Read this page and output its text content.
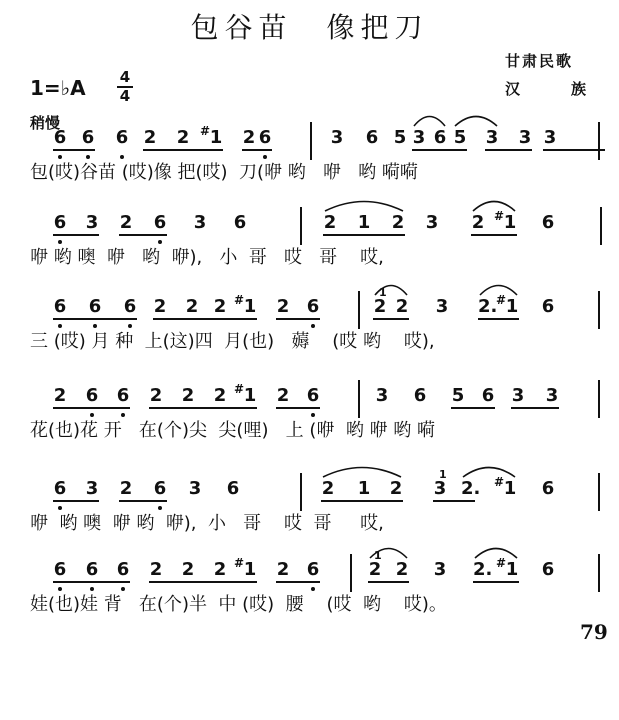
包谷苗　像把刀
甘肃民歌
汉　族
1=♭A 4
4
稍慢
6 6 6 2 2 1
# 2 6	3 6 5 3 6 5 3 3 3
包(哎)谷苗 (哎)像 把(哎)  刀(咿 哟   咿   哟 嗬嗬
6 3 2 6 3 6	2 1 2 3 2 1
# 6
咿 哟 噢  咿   哟  咿),   小  哥   哎   哥    哎,
6 6 6 2 2 2 1
# 2 6	2
1
2 3 2. 1
# 6
三 (哎) 月 种  上(这)四  月(也)   薅    (哎 哟    哎),
2 6 6 2 2 2 1
# 2 6	3 6 5 6 3 3
花(也)花 开   在(个)尖  尖(哩)   上 (咿  哟 咿 哟 嗬
6 3 2 6 3 6	2 1 2 3
1
2. 1
# 6
咿  哟 噢  咿 哟  咿),  小   哥    哎  哥     哎,
6 6 6 2 2 2 1
# 2 6	2
1
2 3 2. 1
# 6
娃(也)娃 背   在(个)半  中 (哎)  腰    (哎  哟    哎)。
79
